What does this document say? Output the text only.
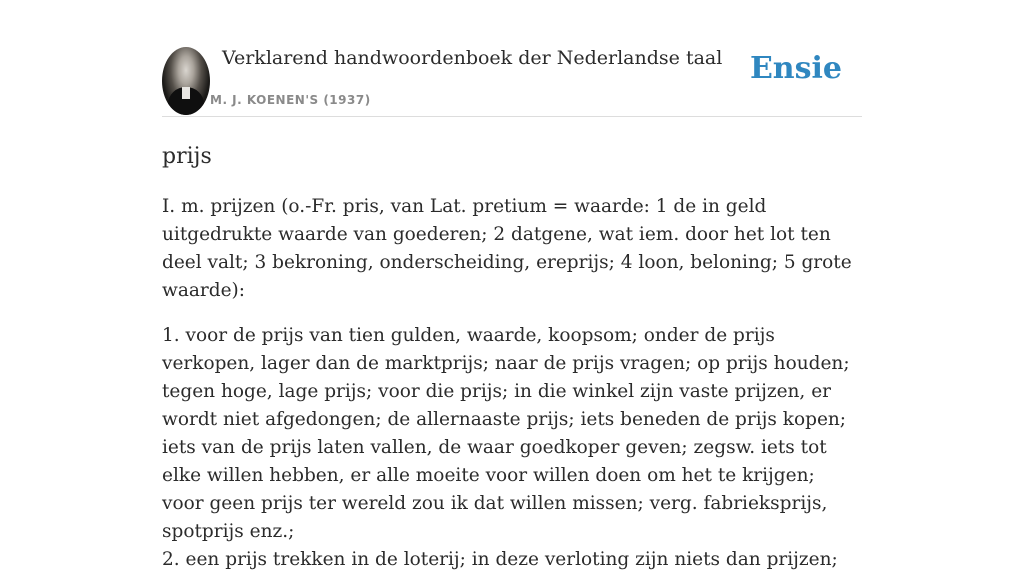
Verklarend handwoordenboek der Nederlandse taal
M. J. KOENEN'S (1937)
Ensie
prijs

I. m. prijzen (o.-Fr. pris, van Lat. pretium = waarde: 1 de in geld uitgedrukte waarde van goederen; 2 datgene, wat iem. door het lot ten deel valt; 3 bekroning, onderscheiding, ereprijs; 4 loon, beloning; 5 grote waarde):

1. voor de prijs van tien gulden, waarde, koopsom; onder de prijs verkopen, lager dan de marktprijs; naar de prijs vragen; op prijs houden; tegen hoge, lage prijs; voor die prijs; in die winkel zijn vaste prijzen, er wordt niet afgedongen; de allernaaste prijs; iets beneden de prijs kopen; iets van de prijs laten vallen, de waar goedkoper geven; zegsw. iets tot elke willen hebben, er alle moeite voor willen doen om het te krijgen; voor geen prijs ter wereld zou ik dat willen missen; verg. fabrieksprijs, spotprijs enz.;
2. een prijs trekken in de loterij; in deze verloting zijn niets dan prijzen;
